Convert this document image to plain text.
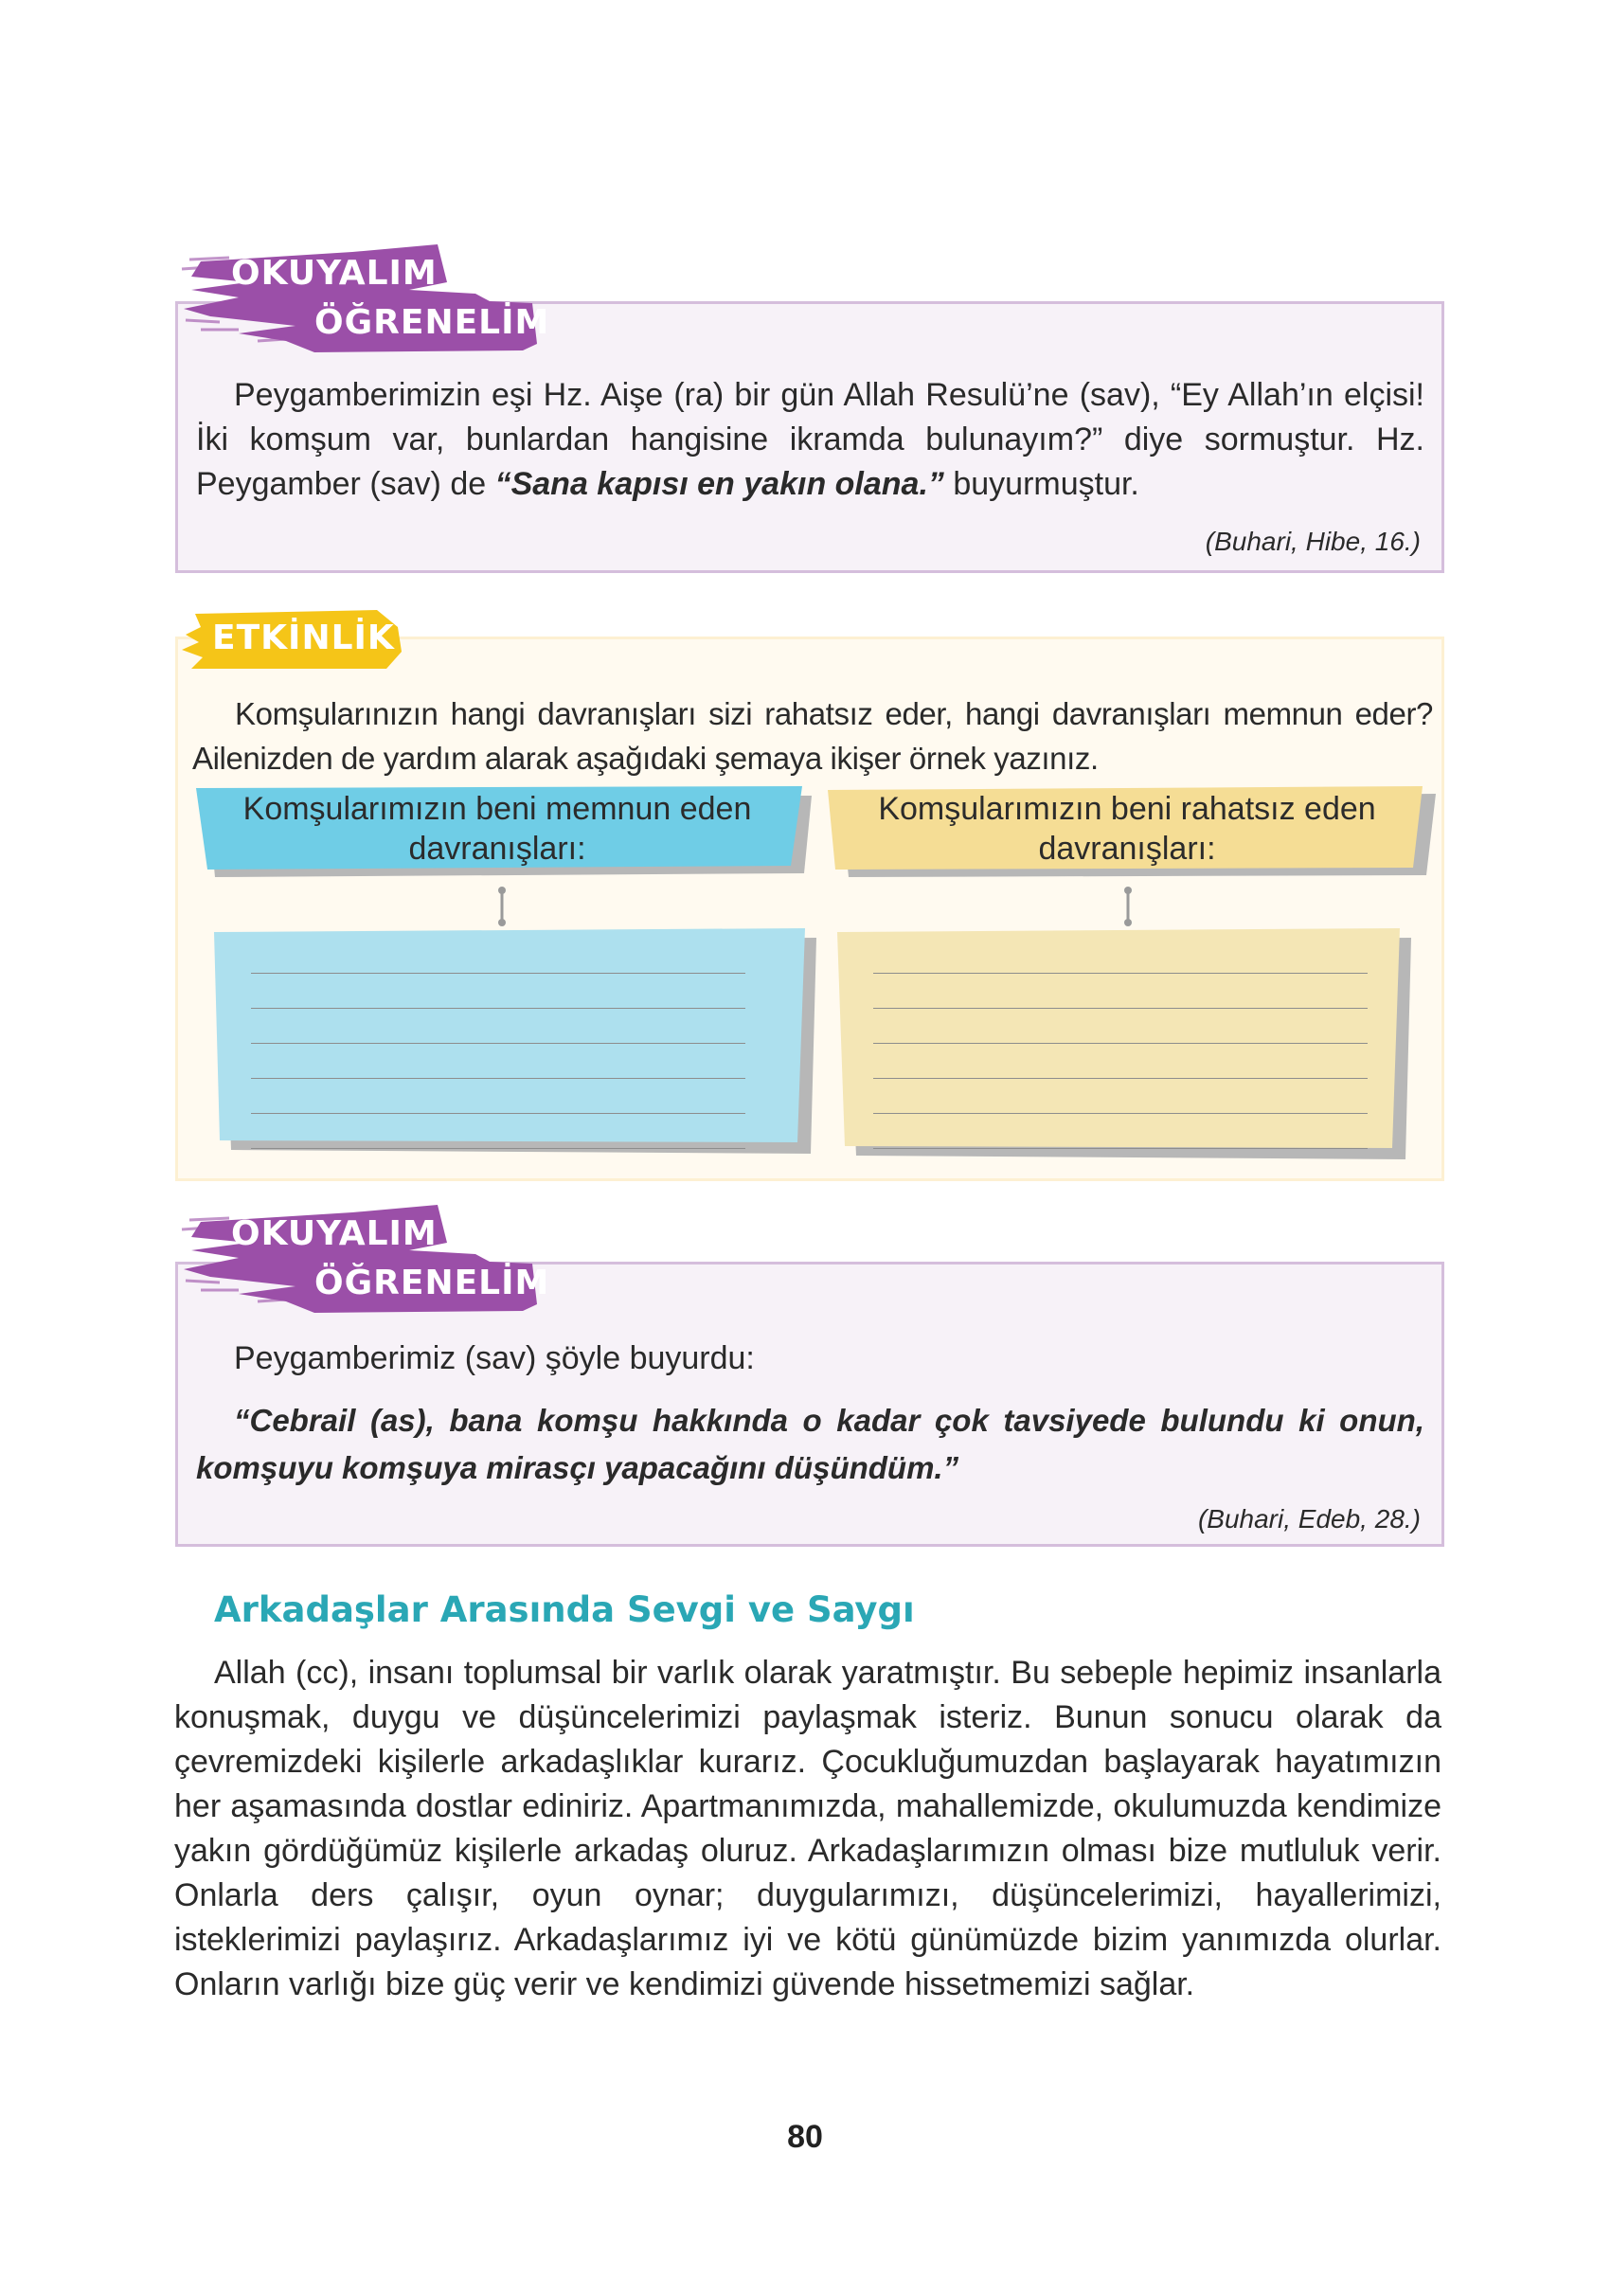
OKUYALIM
ÖĞRENELİM
Peygamberimizin eşi Hz. Aişe (ra) bir gün Allah Resulü’ne (sav), “Ey Allah’ın elçisi! İki komşum var, bunlardan hangisine ikramda bulunayım?” diye sormuştur. Hz. Peygamber (sav) de “Sana kapısı en yakın olana.” buyurmuştur.
(Buhari, Hibe, 16.)
ETKİNLİK
Komşularınızın hangi davranışları sizi rahatsız eder, hangi davranışları memnun eder? Ailenizden de yardım alarak aşağıdaki şemaya ikişer örnek yazınız.
Komşularımızın beni memnun eden davranışları:
Komşularımızın beni rahatsız eden davranışları:
OKUYALIM
ÖĞRENELİM
Peygamberimiz (sav) şöyle buyurdu:
“Cebrail (as), bana komşu hakkında o kadar çok tavsiyede bulundu ki onun, komşuyu komşuya mirasçı yapacağını düşündüm.”
(Buhari, Edeb, 28.)
Arkadaşlar Arasında Sevgi ve Saygı
Allah (cc), insanı toplumsal bir varlık olarak yaratmıştır. Bu sebeple hepimiz insanlarla konuşmak, duygu ve düşüncelerimizi paylaşmak isteriz. Bunun sonucu olarak da çevremizdeki kişilerle arkadaşlıklar kurarız. Çocukluğumuzdan başlayarak hayatımızın her aşamasında dostlar ediniriz. Apartmanımızda, mahallemizde, okulumuzda kendimize yakın gördüğümüz kişilerle arkadaş oluruz. Arkadaşlarımızın olması bize mutluluk verir. Onlarla ders çalışır, oyun oynar; duygularımızı, düşüncelerimizi, hayallerimizi, isteklerimizi paylaşırız. Arkadaşlarımız iyi ve kötü günümüzde bizim yanımızda olurlar. Onların varlığı bize güç verir ve kendimizi güvende hissetmemizi sağlar.
80
